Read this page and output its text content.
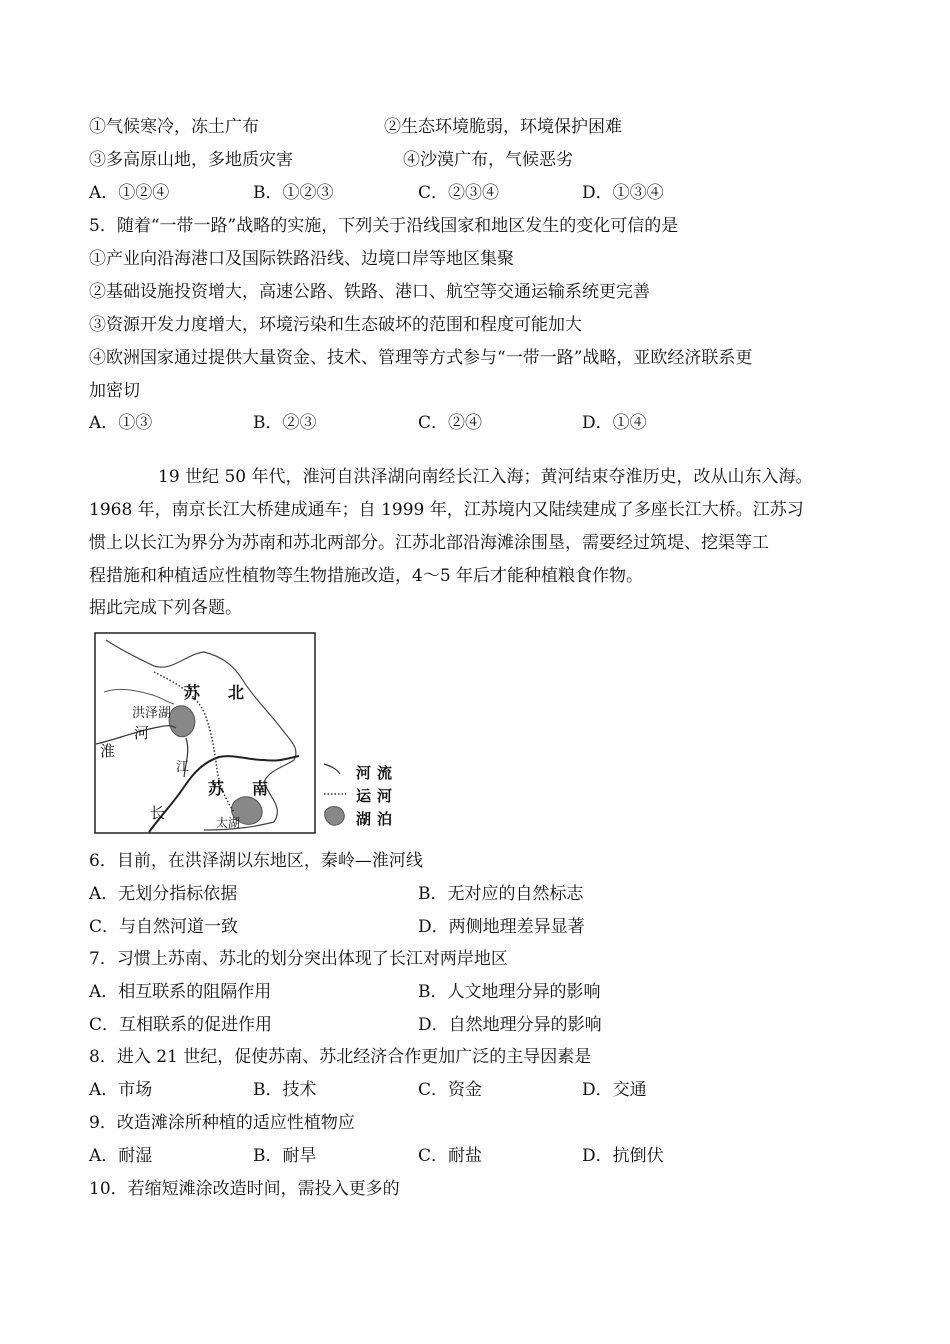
①气候寒冷，冻土广布	②生态环境脆弱，环境保护困难
③多高原山地，多地质灾害	④沙漠广布，气候恶劣
A．①②④	B．①②③	C．②③④	D．①③④
5．随着“一带一路”战略的实施，下列关于沿线国家和地区发生的变化可信的是
①产业向沿海港口及国际铁路沿线、边境口岸等地区集聚
②基础设施投资增大，高速公路、铁路、港口、航空等交通运输系统更完善
③资源开发力度增大，环境污染和生态破坏的范围和程度可能加大
④欧洲国家通过提供大量资金、技术、管理等方式参与“一带一路”战略，亚欧经济联系更
加密切
A．①③	B．②③	C．②④	D．①④
19 世纪 50 年代，淮河自洪泽湖向南经长江入海；黄河结束夺淮历史，改从山东入海。
1968 年，南京长江大桥建成通车；自 1999 年，江苏境内又陆续建成了多座长江大桥。江苏习
惯上以长江为界分为苏南和苏北两部分。江苏北部沿海滩涂围垦，需要经过筑堤、挖渠等工
程措施和种植适应性植物等生物措施改造，4～5 年后才能种植粮食作物。
据此完成下列各题。
苏 北
洪泽湖
河
淮
江
苏 南
长
太湖
河流
运河
湖泊
6．目前，在洪泽湖以东地区，秦岭—淮河线
A．无划分指标依据	B．无对应的自然标志
C．与自然河道一致	D．两侧地理差异显著
7．习惯上苏南、苏北的划分突出体现了长江对两岸地区
A．相互联系的阻隔作用	B．人文地理分异的影响
C．互相联系的促进作用	D．自然地理分异的影响
8．进入 21 世纪，促使苏南、苏北经济合作更加广泛的主导因素是
A．市场	B．技术	C．资金	D．交通
9．改造滩涂所种植的适应性植物应
A．耐湿	B．耐旱	C．耐盐	D．抗倒伏
10．若缩短滩涂改造时间，需投入更多的
